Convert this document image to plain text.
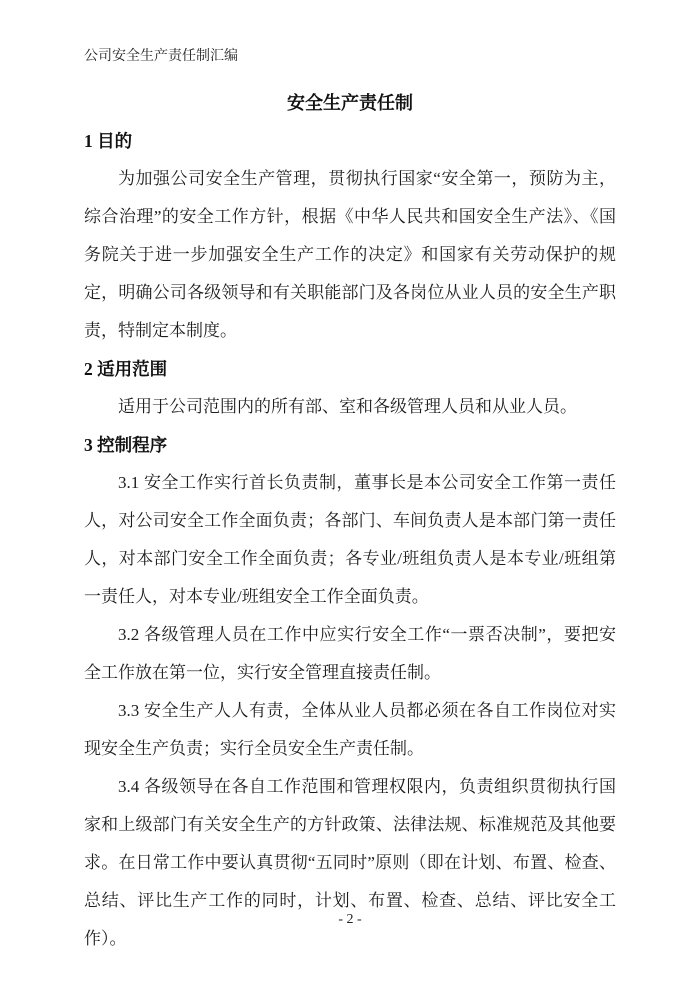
公司安全生产责任制汇编
安全生产责任制
1 目的

为加强公司安全生产管理，贯彻执行国家“安全第一，预防为主，综合治理”的安全工作方针，根据《中华人民共和国安全生产法》、《国务院关于进一步加强安全生产工作的决定》和国家有关劳动保护的规定，明确公司各级领导和有关职能部门及各岗位从业人员的安全生产职责，特制定本制度。

2 适用范围

适用于公司范围内的所有部、室和各级管理人员和从业人员。

3 控制程序

3.1 安全工作实行首长负责制，董事长是本公司安全工作第一责任人，对公司安全工作全面负责；各部门、车间负责人是本部门第一责任人，对本部门安全工作全面负责；各专业/班组负责人是本专业/班组第一责任人，对本专业/班组安全工作全面负责。

3.2 各级管理人员在工作中应实行安全工作“一票否决制”，要把安全工作放在第一位，实行安全管理直接责任制。

3.3 安全生产人人有责，全体从业人员都必须在各自工作岗位对实现安全生产负责；实行全员安全生产责任制。

3.4 各级领导在各自工作范围和管理权限内，负责组织贯彻执行国家和上级部门有关安全生产的方针政策、法律法规、标准规范及其他要求。在日常工作中要认真贯彻“五同时”原则（即在计划、布置、检查、总结、评比生产工作的同时，计划、布置、检查、总结、评比安全工作）。

- 2 -
